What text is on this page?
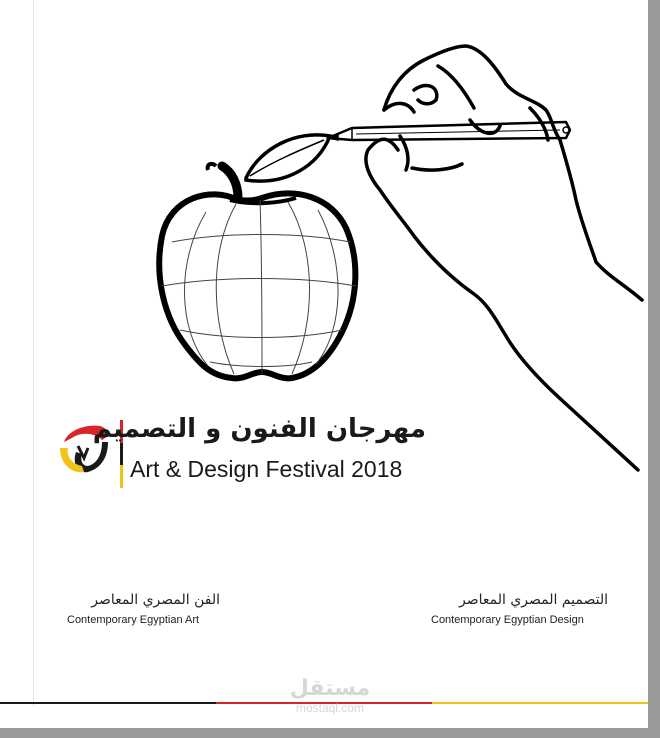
مهرجان الفنون و التصميم
Art & Design Festival 2018
الفن المصري المعاصر
Contemporary Egyptian Art
التصميم المصري المعاصر
Contemporary Egyptian Design
مستقل
mostaql.com
